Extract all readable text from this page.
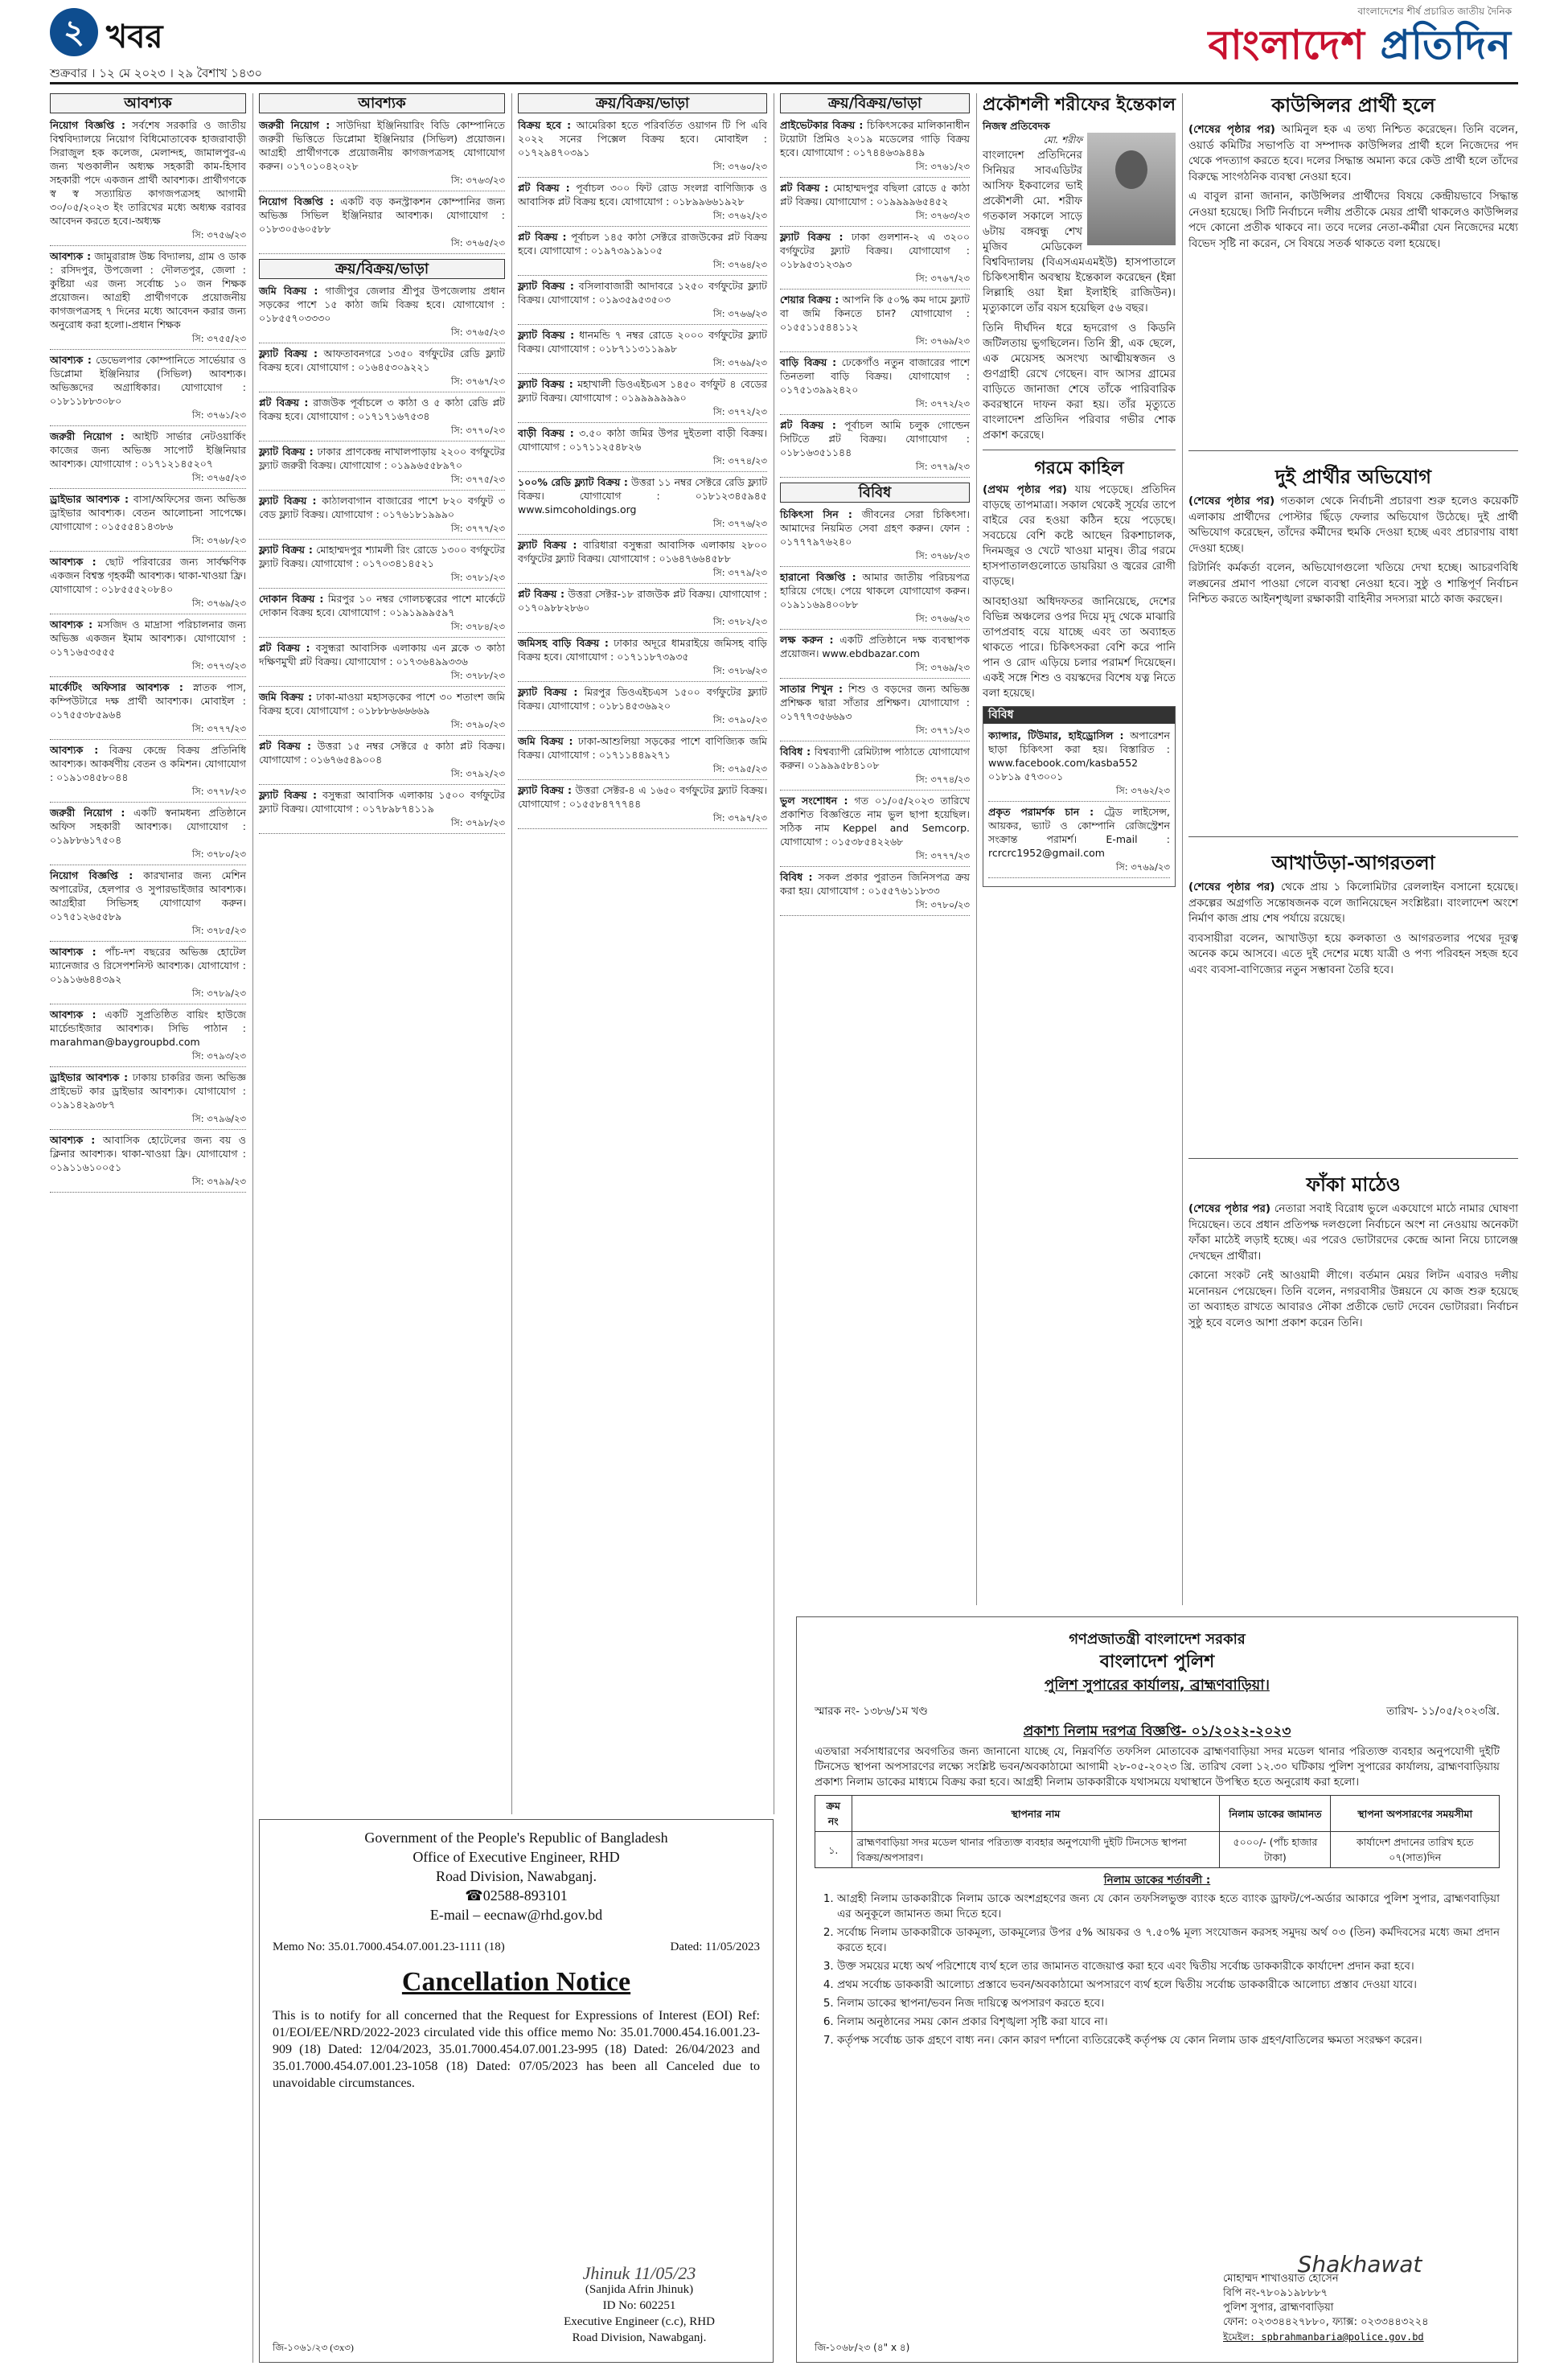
২ খবর
শুক্রবার । ১২ মে ২০২৩ । ২৯ বৈশাখ ১৪৩০
বাংলাদেশের শীর্ষ প্রচারিত জাতীয় দৈনিক
বাংলাদেশ প্রতিদিন
আবশ্যক
নিয়োগ বিজ্ঞপ্তি : সর্বশেষ সরকারি ও জাতীয় বিশ্ববিদ্যালয়ে নিয়োগ বিধিমোতাবেক হাজরাবাড়ী সিরাজুল হক কলেজ, মেলান্দহ, জামালপুর-এ জন্য খণ্ডকালীন অধ্যক্ষ সহকারী কাম-হিসাব সহকারী পদে একজন প্রার্থী আবশ্যক। প্রার্থীগণকে স্ব স্ব সত্যায়িত কাগজপত্রসহ আগামী ৩০/০৫/২০২৩ ইং তারিখের মধ্যে অধ্যক্ষ বরাবর আবেদন করতে হবে।-অধ্যক্ষ
সি: ৩৭৫৬/২৩
আবশ্যক : জামুরারাঙ্গ উচ্চ বিদ্যালয়, গ্রাম ও ডাক : রসিদপুর, উপজেলা : দৌলতপুর, জেলা : কুষ্টিয়া এর জন্য সর্বোচ্চ ১০ জন শিক্ষক প্রয়োজন। আগ্রহী প্রার্থীগণকে প্রয়োজনীয় কাগজপত্রসহ ৭ দিনের মধ্যে আবেদন করার জন্য অনুরোধ করা হলো।-প্রধান শিক্ষক
সি: ৩৭৫৫/২৩
আবশ্যক : ডেভেলপার কোম্পানিতে সার্ভেয়ার ও ডিপ্লোমা ইঞ্জিনিয়ার (সিভিল) আবশ্যক। অভিজ্ঞদের অগ্রাধিকার। যোগাযোগ : ০১৮১১৮৮৩০৮০
সি: ৩৭৬১/২৩
জরুরী নিয়োগ : আইটি সার্ভার নেটওয়ার্কিং কাজের জন্য অভিজ্ঞ সাপোর্ট ইঞ্জিনিয়ার আবশ্যক। যোগাযোগ : ০১৭১২১৪৫২০৭
সি: ৩৭৬৫/২৩
ড্রাইভার আবশ্যক : বাসা/অফিসের জন্য অভিজ্ঞ ড্রাইভার আবশ্যক। বেতন আলোচনা সাপেক্ষে। যোগাযোগ : ০১৫৫৫৪১৪৩৮৬
সি: ৩৭৬৮/২৩
আবশ্যক : ছোট পরিবারের জন্য সার্বক্ষণিক একজন বিশ্বস্ত গৃহকর্মী আবশ্যক। থাকা-খাওয়া ফ্রি। যোগাযোগ : ০১৮৫৫৫২০৮৪০
সি: ৩৭৬৯/২৩
আবশ্যক : মসজিদ ও মাদ্রাসা পরিচালনার জন্য অভিজ্ঞ একজন ইমাম আবশ্যক। যোগাযোগ : ০১৭১৬৫৩৫৫৫
সি: ৩৭৭৩/২৩
মার্কেটিং অফিসার আবশ্যক : স্নাতক পাস, কম্পিউটারে দক্ষ প্রার্থী আবশ্যক। মোবাইল : ০১৭৫৫৩৮৫৯৬৪
সি: ৩৭৭৭/২৩
আবশ্যক : বিক্রয় কেন্দ্রে বিক্রয় প্রতিনিধি আবশ্যক। আকর্ষণীয় বেতন ও কমিশন। যোগাযোগ : ০১৯১৩৪৫৮০৪৪
সি: ৩৭৭৮/২৩
জরুরী নিয়োগ : একটি স্বনামধন্য প্রতিষ্ঠানে অফিস সহকারী আবশ্যক। যোগাযোগ : ০১৯৮৮৬১৭৫০৪
সি: ৩৭৮০/২৩
নিয়োগ বিজ্ঞপ্তি : কারখানার জন্য মেশিন অপারেটর, হেলপার ও সুপারভাইজার আবশ্যক। আগ্রহীরা সিভিসহ যোগাযোগ করুন। ০১৭৫১২৬৫৫৮৯
সি: ৩৭৮৫/২৩
আবশ্যক : পাঁচ-দশ বছরের অভিজ্ঞ হোটেল ম্যানেজার ও রিসেপশনিস্ট আবশ্যক। যোগাযোগ : ০১৯১৬৬৪৪৩৯২
সি: ৩৭৮৯/২৩
আবশ্যক : একটি সুপ্রতিষ্ঠিত বায়িং হাউজে মার্চেন্ডাইজার আবশ্যক। সিভি পাঠান : marahman@baygroupbd.com
সি: ৩৭৯৩/২৩
ড্রাইভার আবশ্যক : ঢাকায় চাকরির জন্য অভিজ্ঞ প্রাইভেট কার ড্রাইভার আবশ্যক। যোগাযোগ : ০১৯১৪২৯৩৮৭
সি: ৩৭৯৬/২৩
আবশ্যক : আবাসিক হোটেলের জন্য বয় ও ক্লিনার আবশ্যক। থাকা-খাওয়া ফ্রি। যোগাযোগ : ০১৯১১৬১০০৫১
সি: ৩৭৯৯/২৩
আবশ্যক
জরুরী নিয়োগ : সাউদিয়া ইঞ্জিনিয়ারিং বিডি কোম্পানিতে জরুরী ভিত্তিতে ডিপ্লোমা ইঞ্জিনিয়ার (সিভিল) প্রয়োজন। আগ্রহী প্রার্থীগণকে প্রয়োজনীয় কাগজপত্রসহ যোগাযোগ করুন। ০১৭০১০৪২০২৮
সি: ৩৭৬৩/২৩
নিয়োগ বিজ্ঞপ্তি : একটি বড় কনস্ট্রাকশন কোম্পানির জন্য অভিজ্ঞ সিভিল ইঞ্জিনিয়ার আবশ্যক। যোগাযোগ : ০১৮৩০৫৬০৫৮৮
সি: ৩৭৬৫/২৩
ক্রয়/বিক্রয়/ভাড়া
জমি বিক্রয় : গাজীপুর জেলার শ্রীপুর উপজেলায় প্রধান সড়কের পাশে ১৫ কাঠা জমি বিক্রয় হবে। যোগাযোগ : ০১৮৫৫৭০৩৩৩০
সি: ৩৭৬৫/২৩
ফ্ল্যাট বিক্রয় : আফতাবনগরে ১৩৫০ বর্গফুটের রেডি ফ্ল্যাট বিক্রয় হবে। যোগাযোগ : ০১৬৪৫৩০৯২২১
সি: ৩৭৬৭/২৩
প্লট বিক্রয় : রাজউক পূর্বাচলে ৩ কাঠা ও ৫ কাঠা রেডি প্লট বিক্রয় হবে। যোগাযোগ : ০১৭১৭১৬৭৫৩৪
সি: ৩৭৭০/২৩
ফ্ল্যাট বিক্রয় : ঢাকার প্রাণকেন্দ্র নাখালপাড়ায় ২২০০ বর্গফুটের ফ্ল্যাট জরুরী বিক্রয়। যোগাযোগ : ০১৯৯৬৫৫৮৯৭০
সি: ৩৭৭৫/২৩
ফ্ল্যাট বিক্রয় : কাঠালবাগান বাজারের পাশে ৮২০ বর্গফুট ৩ বেড ফ্ল্যাট বিক্রয়। যোগাযোগ : ০১৭৬১৮১৯৯৯০
সি: ৩৭৭৭/২৩
ফ্ল্যাট বিক্রয় : মোহাম্মদপুর শ্যামলী রিং রোডে ১৩০০ বর্গফুটের ফ্ল্যাট বিক্রয়। যোগাযোগ : ০১৭০৩৪১৪৫২১
সি: ৩৭৮১/২৩
দোকান বিক্রয় : মিরপুর ১০ নম্বর গোলচত্বরের পাশে মার্কেটে দোকান বিক্রয় হবে। যোগাযোগ : ০১৯১৯৯৯৫৯৭
সি: ৩৭৮৪/২৩
প্লট বিক্রয় : বসুন্ধরা আবাসিক এলাকায় এন ব্লকে ৩ কাঠা দক্ষিণমুখী প্লট বিক্রয়। যোগাযোগ : ০১৭৩৬৪৯৯৩৩৬
সি: ৩৭৮৮/২৩
জমি বিক্রয় : ঢাকা-মাওয়া মহাসড়কের পাশে ৩০ শতাংশ জমি বিক্রয় হবে। যোগাযোগ : ০১৮৮৮৬৬৬৬৬৯
সি: ৩৭৯০/২৩
প্লট বিক্রয় : উত্তরা ১৫ নম্বর সেক্টরে ৫ কাঠা প্লট বিক্রয়। যোগাযোগ : ০১৬৭৬৫৪৯০০৪
সি: ৩৭৯২/২৩
ফ্ল্যাট বিক্রয় : বসুন্ধরা আবাসিক এলাকায় ১৫০০ বর্গফুটের ফ্ল্যাট বিক্রয়। যোগাযোগ : ০১৭৮৯৮৭৪১১৯
সি: ৩৭৯৮/২৩
ক্রয়/বিক্রয়/ভাড়া
বিক্রয় হবে : আমেরিকা হতে পরিবর্তিত ওয়াগন টি পি এবি ২০২২ সনের পিক্সেল বিক্রয় হবে। মোবাইল : ০১৭২৯৪৭০৩৯১
সি: ৩৭৬০/২৩
প্লট বিক্রয় : পূর্বাচল ৩০০ ফিট রোড সংলগ্ন বাণিজ্যিক ও আবাসিক প্লট বিক্রয় হবে। যোগাযোগ : ০১৮৯৯৬৬১৯২৮
সি: ৩৭৬২/২৩
প্লট বিক্রয় : পূর্বাচল ১৪৫ কাঠা সেক্টরে রাজউকের প্লট বিক্রয় হবে। যোগাযোগ : ০১৯৭৩৯১৯১০৫
সি: ৩৭৬৪/২৩
ফ্ল্যাট বিক্রয় : বসিলাবাজারী আদাবরে ১২৫০ বর্গফুটের ফ্ল্যাট বিক্রয়। যোগাযোগ : ০১৯৩৫৯৫৩৫০৩
সি: ৩৭৬৬/২৩
ফ্ল্যাট বিক্রয় : ধানমন্ডি ৭ নম্বর রোডে ২০০০ বর্গফুটের ফ্ল্যাট বিক্রয়। যোগাযোগ : ০১৮৭১১৩১১৯৯৮
সি: ৩৭৬৯/২৩
ফ্ল্যাট বিক্রয় : মহাখালী ডিওএইচএস ১৪৫০ বর্গফুট ৪ বেডের ফ্ল্যাট বিক্রয়। যোগাযোগ : ০১৯৯৯৯৯৯৯০
সি: ৩৭৭২/২৩
বাড়ী বিক্রয় : ৩.৫০ কাঠা জমির উপর দুইতলা বাড়ী বিক্রয়। যোগাযোগ : ০১৭১১২৫৪৮২৬
সি: ৩৭৭৪/২৩
১০০% রেডি ফ্ল্যাট বিক্রয় : উত্তরা ১১ নম্বর সেক্টরে রেডি ফ্ল্যাট বিক্রয়। যোগাযোগ : ০১৮১২৩৪৫৯৪৫ www.simcoholdings.org
সি: ৩৭৭৬/২৩
ফ্ল্যাট বিক্রয় : বারিধারা বসুন্ধরা আবাসিক এলাকায় ২৮০০ বর্গফুটের ফ্ল্যাট বিক্রয়। যোগাযোগ : ০১৬৪৭৬৬৪৫৮৮
সি: ৩৭৭৯/২৩
প্লট বিক্রয় : উত্তরা সেক্টর-১৮ রাজউক প্লট বিক্রয়। যোগাযোগ : ০১৭০৯৮৮২৮৬০
সি: ৩৭৮২/২৩
জমিসহ বাড়ি বিক্রয় : ঢাকার অদূরে ধামরাইয়ে জমিসহ বাড়ি বিক্রয় হবে। যোগাযোগ : ০১৭১১৮৭৩৯৩৫
সি: ৩৭৮৬/২৩
ফ্ল্যাট বিক্রয় : মিরপুর ডিওএইচএস ১৫০০ বর্গফুটের ফ্ল্যাট বিক্রয়। যোগাযোগ : ০১৮১৪৫৩৬৯২০
সি: ৩৭৯০/২৩
জমি বিক্রয় : ঢাকা-আশুলিয়া সড়কের পাশে বাণিজ্যিক জমি বিক্রয়। যোগাযোগ : ০১৭১১৪৪৯২৭১
সি: ৩৭৯৫/২৩
ফ্ল্যাট বিক্রয় : উত্তরা সেক্টর-৪ এ ১৬৫০ বর্গফুটের ফ্ল্যাট বিক্রয়। যোগাযোগ : ০১৫৫৮৪৭৭৭৪৪
সি: ৩৭৯৭/২৩
ক্রয়/বিক্রয়/ভাড়া
প্রাইভেটকার বিক্রয় : চিকিৎসকের মালিকানাধীন টয়োটা প্রিমিও ২০১৯ মডেলের গাড়ি বিক্রয় হবে। যোগাযোগ : ০১৭৪৪৬৩৯৪৪৯
সি: ৩৭৬১/২৩
প্লট বিক্রয় : মোহাম্মদপুর বছিলা রোডে ৫ কাঠা প্লট বিক্রয়। যোগাযোগ : ০১৯৯৯৯৬৫৪৫২
সি: ৩৭৬৩/২৩
ফ্ল্যাট বিক্রয় : ঢাকা গুলশান-২ এ ৩২০০ বর্গফুটের ফ্ল্যাট বিক্রয়। যোগাযোগ : ০১৮৯৫৩১২৩৯৩
সি: ৩৭৬৭/২৩
শেয়ার বিক্রয় : আপনি কি ৫০% কম দামে ফ্ল্যাট বা জমি কিনতে চান? যোগাযোগ : ০১৫৫১১৫৪৪১১২
সি: ৩৭৬৯/২৩
বাড়ি বিক্রয় : ঢেকেগাঁও নতুন বাজারের পাশে তিনতলা বাড়ি বিক্রয়। যোগাযোগ : ০১৭৫১৩৯৯২৪২০
সি: ৩৭৭২/২৩
প্লট বিক্রয় : পূর্বাচল আমি চলুক গোল্ডেন সিটিতে প্লট বিক্রয়। যোগাযোগ : ০১৮১৬৩৫১১৪৪
সি: ৩৭৭৯/২৩
বিবিধ
চিকিৎসা সিন : জীবনের সেরা চিকিৎসা। আমাদের নিয়মিত সেবা গ্রহণ করুন। ফোন : ০১৭৭৭৯৭৬২৪০
সি: ৩৭৬৮/২৩
হারানো বিজ্ঞপ্তি : আমার জাতীয় পরিচয়পত্র হারিয়ে গেছে। পেয়ে থাকলে যোগাযোগ করুন। ০১৯১১৬৯৪০০৮৮
সি: ৩৭৬৬/২৩
লক্ষ করুন : একটি প্রতিষ্ঠানে দক্ষ ব্যবস্থাপক প্রয়োজন। www.ebdbazar.com
সি: ৩৭৬৯/২৩
সাতার শিখুন : শিশু ও বড়দের জন্য অভিজ্ঞ প্রশিক্ষক দ্বারা সাঁতার প্রশিক্ষণ। যোগাযোগ : ০১৭৭৭৩৫৬৬৯৩
সি: ৩৭৭১/২৩
বিবিধ : বিশ্বব্যাপী রেমিট্যান্স পাঠাতে যোগাযোগ করুন। ০১৯৯৯৫৮৪১০৮
সি: ৩৭৭৪/২৩
ভুল সংশোধন : গত ০১/০৫/২০২৩ তারিখে প্রকাশিত বিজ্ঞপ্তিতে নাম ভুল ছাপা হয়েছিল। সঠিক নাম Keppel and Semcorp. যোগাযোগ : ০১৫৩৮৫৪২২৬৮
সি: ৩৭৭৭/২৩
বিবিধ : সকল প্রকার পুরাতন জিনিসপত্র ক্রয় করা হয়। যোগাযোগ : ০১৫৫৭৬১১৮৩৩
সি: ৩৭৮০/২৩
প্রকৌশলী শরীফের ইন্তেকাল
নিজস্ব প্রতিবেদক
মো. শরীফ

বাংলাদেশ প্রতিদিনের সিনিয়র সাবএডিটর আসিফ ইকবালের ভাই প্রকৌশলী মো. শরীফ গতকাল সকালে সাড়ে ৬টায় বঙ্গবন্ধু শেখ মুজিব মেডিকেল বিশ্ববিদ্যালয় (বিএসএমএমইউ) হাসপাতালে চিকিৎসাধীন অবস্থায় ইন্তেকাল করেছেন (ইন্না লিল্লাহি ওয়া ইন্না ইলাইহি রাজিউন)। মৃত্যুকালে তাঁর বয়স হয়েছিল ৫৬ বছর।

তিনি দীর্ঘদিন ধরে হৃদরোগ ও কিডনি জটিলতায় ভুগছিলেন। তিনি স্ত্রী, এক ছেলে, এক মেয়েসহ অসংখ্য আত্মীয়স্বজন ও গুণগ্রাহী রেখে গেছেন। বাদ আসর গ্রামের বাড়িতে জানাজা শেষে তাঁকে পারিবারিক কবরস্থানে দাফন করা হয়। তাঁর মৃত্যুতে বাংলাদেশ প্রতিদিন পরিবার গভীর শোক প্রকাশ করেছে।

গরমে কাহিল

(প্রথম পৃষ্ঠার পর) যায় পড়েছে। প্রতিদিন বাড়ছে তাপমাত্রা। সকাল থেকেই সূর্যের তাপে বাইরে বের হওয়া কঠিন হয়ে পড়েছে। সবচেয়ে বেশি কষ্টে আছেন রিকশাচালক, দিনমজুর ও খেটে খাওয়া মানুষ। তীব্র গরমে হাসপাতালগুলোতে ডায়রিয়া ও জ্বরের রোগী বাড়ছে।

আবহাওয়া অধিদফতর জানিয়েছে, দেশের বিভিন্ন অঞ্চলের ওপর দিয়ে মৃদু থেকে মাঝারি তাপপ্রবাহ বয়ে যাচ্ছে এবং তা অব্যাহত থাকতে পারে। চিকিৎসকরা বেশি করে পানি পান ও রোদ এড়িয়ে চলার পরামর্শ দিয়েছেন। একই সঙ্গে শিশু ও বয়স্কদের বিশেষ যত্ন নিতে বলা হয়েছে।

বিবিধ
ক্যান্সার, টিউমার, হাইড্রোসিল : অপারেশন ছাড়া চিকিৎসা করা হয়। বিস্তারিত : www.facebook.com/kasba552 ০১৮১৯ ৫৭৩০০১
সি: ৩৭৬২/২৩
প্রকৃত পরামর্শক চান : ট্রেড লাইসেন্স, আয়কর, ভ্যাট ও কোম্পানি রেজিস্ট্রেশন সংক্রান্ত পরামর্শ। E-mail : rcrcrc1952@gmail.com
সি: ৩৭৬৯/২৩
কাউন্সিলর প্রার্থী হলে

(শেষের পৃষ্ঠার পর) আমিনুল হক এ তথ্য নিশ্চিত করেছেন। তিনি বলেন, ওয়ার্ড কমিটির সভাপতি বা সম্পাদক কাউন্সিলর প্রার্থী হলে নিজেদের পদ থেকে পদত্যাগ করতে হবে। দলের সিদ্ধান্ত অমান্য করে কেউ প্রার্থী হলে তাঁদের বিরুদ্ধে সাংগঠনিক ব্যবস্থা নেওয়া হবে।

এ বাবুল রানা জানান, কাউন্সিলর প্রার্থীদের বিষয়ে কেন্দ্রীয়ভাবে সিদ্ধান্ত নেওয়া হয়েছে। সিটি নির্বাচনে দলীয় প্রতীকে মেয়র প্রার্থী থাকলেও কাউন্সিলর পদে কোনো প্রতীক থাকবে না। তবে দলের নেতা-কর্মীরা যেন নিজেদের মধ্যে বিভেদ সৃষ্টি না করেন, সে বিষয়ে সতর্ক থাকতে বলা হয়েছে।

দুই প্রার্থীর অভিযোগ

(শেষের পৃষ্ঠার পর) গতকাল থেকে নির্বাচনী প্রচারণা শুরু হলেও কয়েকটি এলাকায় প্রার্থীদের পোস্টার ছিঁড়ে ফেলার অভিযোগ উঠেছে। দুই প্রার্থী অভিযোগ করেছেন, তাঁদের কর্মীদের হুমকি দেওয়া হচ্ছে এবং প্রচারণায় বাধা দেওয়া হচ্ছে।

রিটার্নিং কর্মকর্তা বলেন, অভিযোগগুলো খতিয়ে দেখা হচ্ছে। আচরণবিধি লঙ্ঘনের প্রমাণ পাওয়া গেলে ব্যবস্থা নেওয়া হবে। সুষ্ঠু ও শান্তিপূর্ণ নির্বাচন নিশ্চিত করতে আইনশৃঙ্খলা রক্ষাকারী বাহিনীর সদস্যরা মাঠে কাজ করছেন।

আখাউড়া-আগরতলা

(শেষের পৃষ্ঠার পর) থেকে প্রায় ১ কিলোমিটার রেললাইন বসানো হয়েছে। প্রকল্পের অগ্রগতি সন্তোষজনক বলে জানিয়েছেন সংশ্লিষ্টরা। বাংলাদেশ অংশে নির্মাণ কাজ প্রায় শেষ পর্যায়ে রয়েছে।

ব্যবসায়ীরা বলেন, আখাউড়া হয়ে কলকাতা ও আগরতলার পথের দূরত্ব অনেক কমে আসবে। এতে দুই দেশের মধ্যে যাত্রী ও পণ্য পরিবহন সহজ হবে এবং ব্যবসা-বাণিজ্যের নতুন সম্ভাবনা তৈরি হবে।

ফাঁকা মাঠেও

(শেষের পৃষ্ঠার পর) নেতারা সবাই বিরোধ ভুলে একযোগে মাঠে নামার ঘোষণা দিয়েছেন। তবে প্রধান প্রতিপক্ষ দলগুলো নির্বাচনে অংশ না নেওয়ায় অনেকটা ফাঁকা মাঠেই লড়াই হচ্ছে। এর পরেও ভোটারদের কেন্দ্রে আনা নিয়ে চ্যালেঞ্জ দেখছেন প্রার্থীরা।

কোনো সংকট নেই আওয়ামী লীগে। বর্তমান মেয়র লিটন এবারও দলীয় মনোনয়ন পেয়েছেন। তিনি বলেন, নগরবাসীর উন্নয়নে যে কাজ শুরু হয়েছে তা অব্যাহত রাখতে আবারও নৌকা প্রতীকে ভোট দেবেন ভোটাররা। নির্বাচন সুষ্ঠু হবে বলেও আশা প্রকাশ করেন তিনি।

Government of the People's Republic of Bangladesh
Office of Executive Engineer, RHD
Road Division, Nawabganj.
☎02588-893101
E-mail – eecnaw@rhd.gov.bd
Memo No: 35.01.7000.454.07.001.23-1111 (18)	Dated: 11/05/2023
Cancellation Notice
This is to notify for all concerned that the Request for Expressions of Interest (EOI) Ref: 01/EOI/EE/NRD/2022-2023 circulated vide this office memo No: 35.01.7000.454.16.001.23-909 (18) Dated: 12/04/2023, 35.01.7000.454.07.001.23-995 (18) Dated: 26/04/2023 and 35.01.7000.454.07.001.23-1058 (18) Dated: 07/05/2023 has been all Canceled due to unavoidable circumstances.
Jhinuk 11/05/23
(Sanjida Afrin Jhinuk)
ID No: 602251
Executive Engineer (c.c), RHD
Road Division, Nawabganj.
জি-১০৬১/২৩ (৩x৩)
গণপ্রজাতন্ত্রী বাংলাদেশ সরকার
বাংলাদেশ পুলিশ
পুলিশ সুপারের কার্যালয়, ব্রাহ্মণবাড়িয়া।
স্মারক নং- ১৩৮৬/১ম খণ্ড	তারিখ- ১১/০৫/২০২৩খ্রি.
প্রকাশ্য নিলাম দরপত্র বিজ্ঞপ্তি- ০১/২০২২-২০২৩
এতদ্বারা সর্বসাধারণের অবগতির জন্য জানানো যাচ্ছে যে, নিম্নবর্ণিত তফসিল মোতাবেক ব্রাহ্মণবাড়িয়া সদর মডেল থানার পরিত্যক্ত ব্যবহার অনুপযোগী দুইটি টিনসেড স্থাপনা অপসারণের লক্ষ্যে সংশ্লিষ্ট ভবন/অবকাঠামো আগামী ২৮-০৫-২০২৩ খ্রি. তারিখ বেলা ১২.৩০ ঘটিকায় পুলিশ সুপারের কার্যালয়, ব্রাহ্মণবাড়িয়ায় প্রকাশ্য নিলাম ডাকের মাধ্যমে বিক্রয় করা হবে। আগ্রহী নিলাম ডাককারীকে যথাসময়ে যথাস্থানে উপস্থিত হতে অনুরোধ করা হলো।
ক্রম নং	স্থাপনার নাম	নিলাম ডাকের জামানত	স্থাপনা অপসারণের সময়সীমা
১.	ব্রাহ্মণবাড়িয়া সদর মডেল থানার পরিত্যক্ত ব্যবহার অনুপযোগী দুইটি টিনসেড স্থাপনা বিক্রয়/অপসারণ।	৫০০০/- (পাঁচ হাজার টাকা)	কার্যাদেশ প্রদানের তারিখ হতে ০৭(সাত)দিন
নিলাম ডাকের শর্তাবলী :
1. আগ্রহী নিলাম ডাককারীকে নিলাম ডাকে অংশগ্রহণের জন্য যে কোন তফসিলভুক্ত ব্যাংক হতে ব্যাংক ড্রাফট/পে-অর্ডার আকারে পুলিশ সুপার, ব্রাহ্মণবাড়িয়া এর অনুকূলে জামানত জমা দিতে হবে।
2. সর্বোচ্চ নিলাম ডাককারীকে ডাকমূল্য, ডাকমূল্যের উপর ৫% আয়কর ও ৭.৫০% মূল্য সংযোজন করসহ সমুদয় অর্থ ০৩ (তিন) কর্মদিবসের মধ্যে জমা প্রদান করতে হবে।
3. উক্ত সময়ের মধ্যে অর্থ পরিশোধে ব্যর্থ হলে তার জামানত বাজেয়াপ্ত করা হবে এবং দ্বিতীয় সর্বোচ্চ ডাককারীকে কার্যাদেশ প্রদান করা হবে।
4. প্রথম সর্বোচ্চ ডাককারী আলোচ্য প্রস্তাবে ভবন/অবকাঠামো অপসারণে ব্যর্থ হলে দ্বিতীয় সর্বোচ্চ ডাককারীকে আলোচ্য প্রস্তাব দেওয়া যাবে।
5. নিলাম ডাকের স্থাপনা/ভবন নিজ দায়িত্বে অপসারণ করতে হবে।
6. নিলাম অনুষ্ঠানের সময় কোন প্রকার বিশৃঙ্খলা সৃষ্টি করা যাবে না।
7. কর্তৃপক্ষ সর্বোচ্চ ডাক গ্রহণে বাধ্য নন। কোন কারণ দর্শানো ব্যতিরেকেই কর্তৃপক্ষ যে কোন নিলাম ডাক গ্রহণ/বাতিলের ক্ষমতা সংরক্ষণ করেন।
Shakhawat
মোহাম্মদ শাখাওয়াত হোসেন
বিপি নং-৭৮০৯১৯৮৮৮৭
পুলিশ সুপার, ব্রাহ্মণবাড়িয়া
ফোন: ০২৩৩৪৪২৭৮৮০, ফ্যাক্স: ০২৩৩৪৪৩২২৪
ইমেইল: spbrahmanbaria@police.gov.bd
জি-১০৬৮/২৩ (৪" x ৪)
